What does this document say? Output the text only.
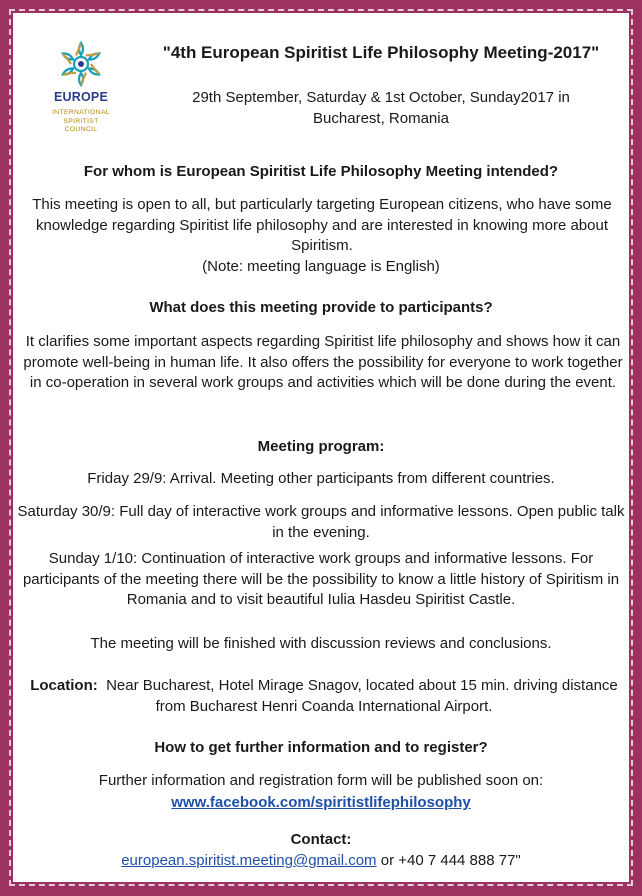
EUROPE
INTERNATIONAL
SPIRITIST
COUNCIL
"4th European Spiritist Life Philosophy Meeting-2017"
29th September, Saturday & 1st October, Sunday2017 in
Bucharest, Romania
For whom is European Spiritist Life Philosophy Meeting intended?
This meeting is open to all, but particularly targeting European citizens, who have some knowledge regarding Spiritist life philosophy and are interested in knowing more about Spiritism.
(Note: meeting language is English)
What does this meeting provide to participants?
It clarifies some important aspects regarding Spiritist life philosophy and shows how it can promote well-being in human life. It also offers the possibility for everyone to work together in co-operation in several work groups and activities which will be done during the event.
Meeting program:
Friday 29/9: Arrival. Meeting other participants from different countries.
Saturday 30/9: Full day of interactive work groups and informative lessons. Open public talk in the evening.
Sunday 1/10: Continuation of interactive work groups and informative lessons. For participants of the meeting there will be the possibility to know a little history of Spiritism in Romania and to visit beautiful Iulia Hasdeu Spiritist Castle.
The meeting will be finished with discussion reviews and conclusions.
Location: Near Bucharest, Hotel Mirage Snagov, located about 15 min. driving distance from Bucharest Henri Coanda International Airport.
How to get further information and to register?
Further information and registration form will be published soon on:
www.facebook.com/spiritistlifephilosophy
Contact:
european.spiritist.meeting@gmail.com or +40 7 444 888 77"
